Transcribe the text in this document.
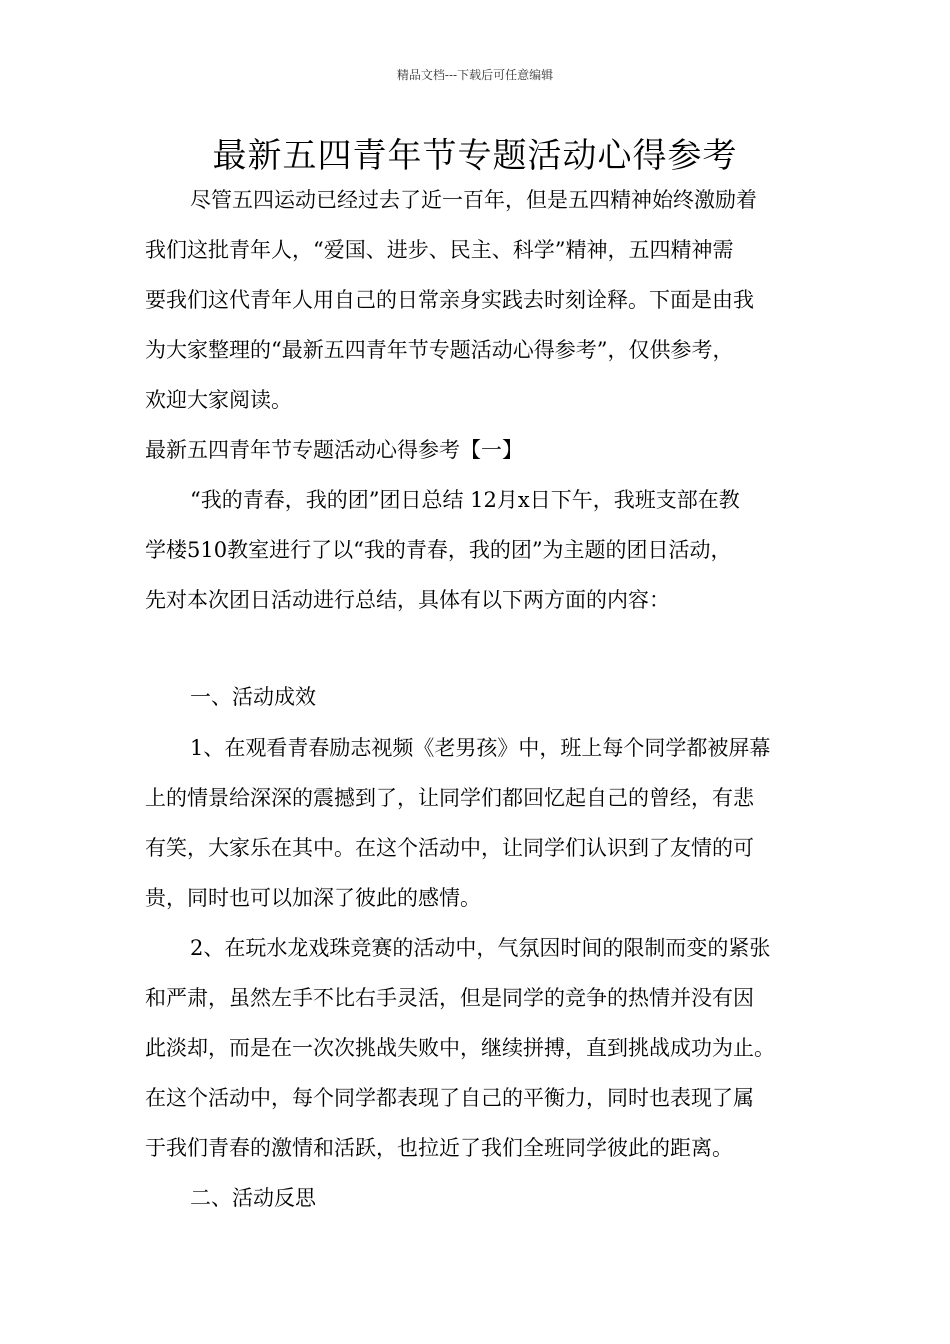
精品文档---下载后可任意编辑
最新五四青年节专题活动心得参考
尽管五四运动已经过去了近一百年，但是五四精神始终激励着
我们这批青年人，“爱国、进步、民主、科学”精神，五四精神需
要我们这代青年人用自己的日常亲身实践去时刻诠释。下面是由我
为大家整理的“最新五四青年节专题活动心得参考”，仅供参考，
欢迎大家阅读。
最新五四青年节专题活动心得参考【一】
“我的青春，我的团”团日总结 12月x日下午，我班支部在教
学楼510教室进行了以“我的青春，我的团”为主题的团日活动，
先对本次团日活动进行总结，具体有以下两方面的内容：
一、活动成效
1、在观看青春励志视频《老男孩》中，班上每个同学都被屏幕
上的情景给深深的震撼到了，让同学们都回忆起自己的曾经，有悲
有笑，大家乐在其中。在这个活动中，让同学们认识到了友情的可
贵，同时也可以加深了彼此的感情。
2、在玩水龙戏珠竞赛的活动中，气氛因时间的限制而变的紧张
和严肃，虽然左手不比右手灵活，但是同学的竞争的热情并没有因
此淡却，而是在一次次挑战失败中，继续拼搏，直到挑战成功为止。
在这个活动中，每个同学都表现了自己的平衡力，同时也表现了属
于我们青春的激情和活跃，也拉近了我们全班同学彼此的距离。
二、活动反思
